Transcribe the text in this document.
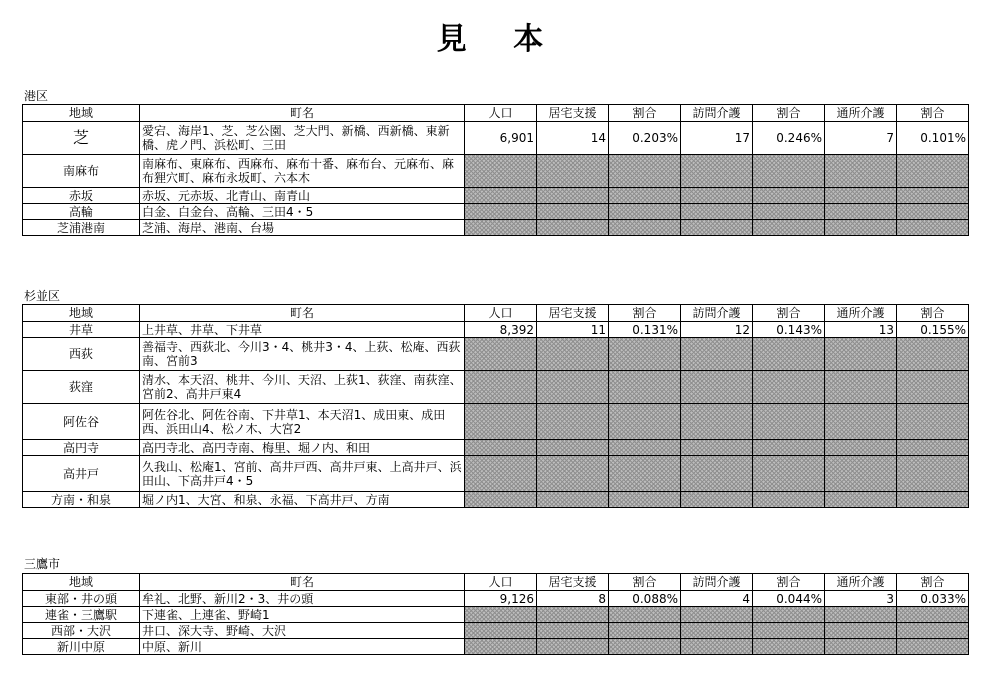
見 本
港区
地域	町名	人口	居宅支援	割合	訪問介護	割合	通所介護	割合
芝	愛宕、海岸1、芝、芝公園、芝大門、新橋、西新橋、東新橋、虎ノ門、浜松町、三田	6,901	14	0.203%	17	0.246%	7	0.101%
南麻布	南麻布、東麻布、西麻布、麻布十番、麻布台、元麻布、麻布狸穴町、麻布永坂町、六本木							
赤坂	赤坂、元赤坂、北青山、南青山							
高輪	白金、白金台、高輪、三田4・5							
芝浦港南	芝浦、海岸、港南、台場							
杉並区
地域	町名	人口	居宅支援	割合	訪問介護	割合	通所介護	割合
井草	上井草、井草、下井草	8,392	11	0.131%	12	0.143%	13	0.155%
西荻	善福寺、西荻北、今川3・4、桃井3・4、上荻、松庵、西荻南、宮前3							
荻窪	清水、本天沼、桃井、今川、天沼、上荻1、荻窪、南荻窪、宮前2、高井戸東4							
阿佐谷	阿佐谷北、阿佐谷南、下井草1、本天沼1、成田東、成田西、浜田山4、松ノ木、大宮2							
高円寺	高円寺北、高円寺南、梅里、堀ノ内、和田							
高井戸	久我山、松庵1、宮前、高井戸西、高井戸東、上高井戸、浜田山、下高井戸4・5							
方南・和泉	堀ノ内1、大宮、和泉、永福、下高井戸、方南							
三鷹市
地域	町名	人口	居宅支援	割合	訪問介護	割合	通所介護	割合
東部・井の頭	牟礼、北野、新川2・3、井の頭	9,126	8	0.088%	4	0.044%	3	0.033%
連雀・三鷹駅	下連雀、上連雀、野崎1							
西部・大沢	井口、深大寺、野崎、大沢							
新川中原	中原、新川							
